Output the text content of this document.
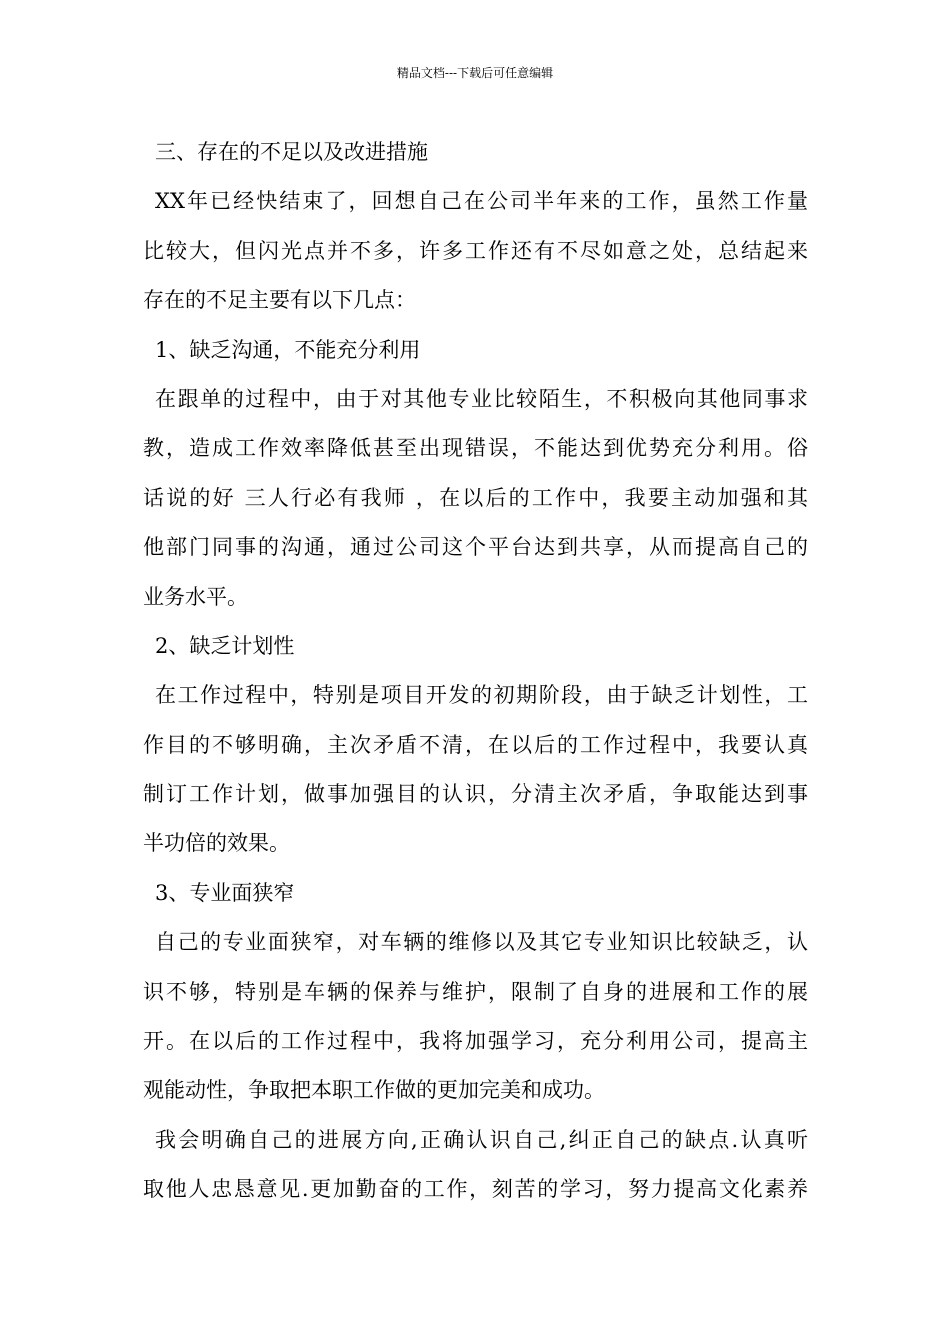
精品文档---下载后可任意编辑
三、存在的不足以及改进措施
XX年已经快结束了，回想自己在公司半年来的工作，虽然工作量
比较大，但闪光点并不多，许多工作还有不尽如意之处，总结起来
存在的不足主要有以下几点：
1、缺乏沟通，不能充分利用
在跟单的过程中，由于对其他专业比较陌生，不积极向其他同事求
教，造成工作效率降低甚至出现错误，不能达到优势充分利用。俗
话说的好 三人行必有我师 ，在以后的工作中，我要主动加强和其
他部门同事的沟通，通过公司这个平台达到共享，从而提高自己的
业务水平。
2、缺乏计划性
在工作过程中，特别是项目开发的初期阶段，由于缺乏计划性，工
作目的不够明确，主次矛盾不清，在以后的工作过程中，我要认真
制订工作计划，做事加强目的认识，分清主次矛盾，争取能达到事
半功倍的效果。
3、专业面狭窄
自己的专业面狭窄，对车辆的维修以及其它专业知识比较缺乏，认
识不够，特别是车辆的保养与维护，限制了自身的进展和工作的展
开。在以后的工作过程中，我将加强学习，充分利用公司，提高主
观能动性，争取把本职工作做的更加完美和成功。
我会明确自己的进展方向,正确认识自己,纠正自己的缺点.认真听
取他人忠恳意见.更加勤奋的工作，刻苦的学习，努力提高文化素养
